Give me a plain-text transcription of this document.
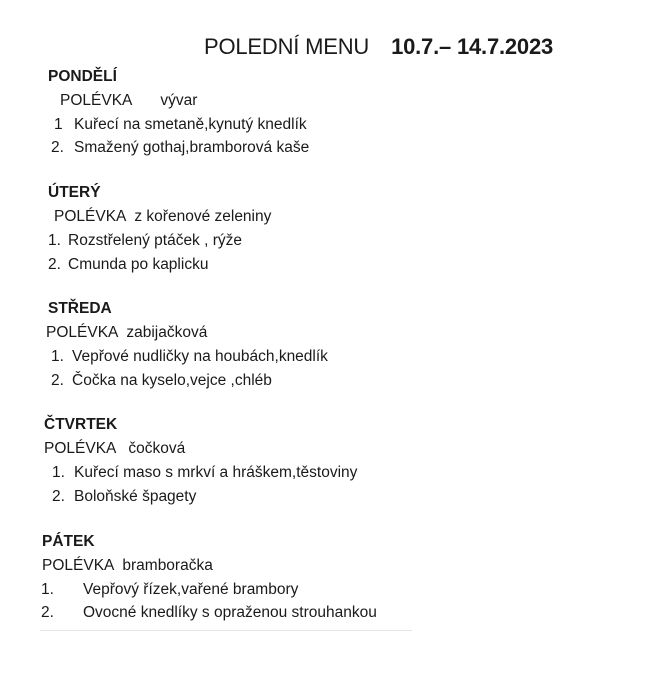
POLEDNÍ MENU 10.7.– 14.7.2023
PONDĚLÍ
POLÉVKA vývar
1 Kuřecí na smetaně,kynutý knedlík
2. Smažený gothaj,bramborová kaše
ÚTERÝ
POLÉVKA z kořenové zeleniny
1. Rozstřelený ptáček , rýže
2. Cmunda po kaplicku
STŘEDA
POLÉVKA zabijačková
1. Vepřové nudličky na houbách,knedlík
2. Čočka na kyselo,vejce ,chléb
ČTVRTEK
POLÉVKA čočková
1. Kuřecí maso s mrkví a hráškem,těstoviny
2. Boloňské špagety
PÁTEK
POLÉVKA bramboračka
1. Vepřový řízek,vařené brambory
2. Ovocné knedlíky s opraženou strouhankou
